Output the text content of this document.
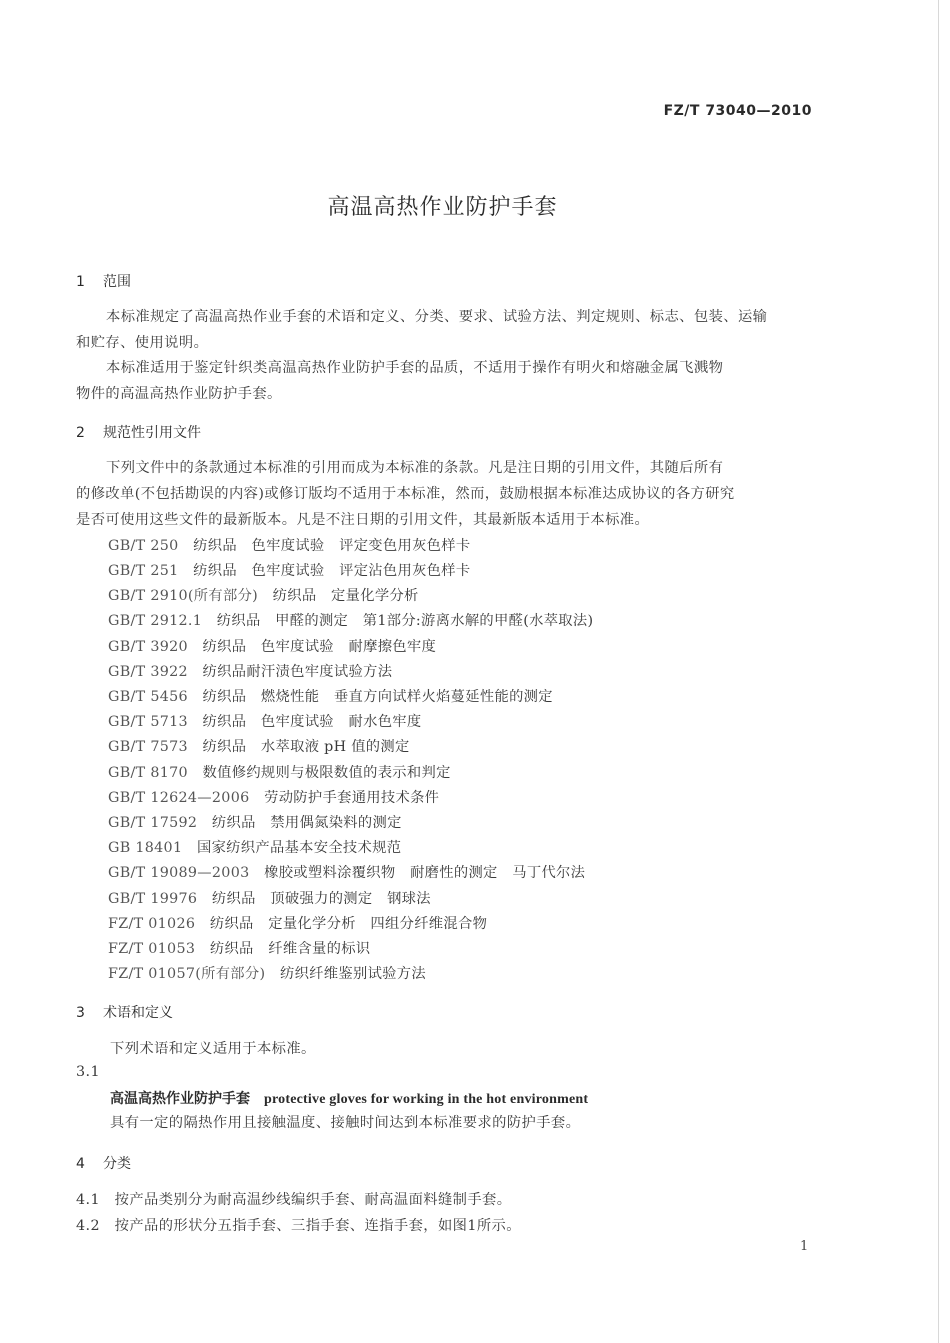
FZ/T 73040—2010
高温高热作业防护手套
1 范围
本标准规定了高温高热作业手套的术语和定义、分类、要求、试验方法、判定规则、标志、包装、运输
和贮存、使用说明。
本标准适用于鉴定针织类高温高热作业防护手套的品质，不适用于操作有明火和熔融金属飞溅物
物件的高温高热作业防护手套。
2 规范性引用文件
下列文件中的条款通过本标准的引用而成为本标准的条款。凡是注日期的引用文件，其随后所有
的修改单(不包括勘误的内容)或修订版均不适用于本标准，然而，鼓励根据本标准达成协议的各方研究
是否可使用这些文件的最新版本。凡是不注日期的引用文件，其最新版本适用于本标准。
GB/T 250　 纺织品　色牢度试验　评定变色用灰色样卡
GB/T 251　 纺织品　色牢度试验　评定沾色用灰色样卡
GB/T 2910(所有部分)　 纺织品　定量化学分析
GB/T 2912.1　 纺织品　甲醛的测定　第1部分:游离水解的甲醛(水萃取法)
GB/T 3920　 纺织品　色牢度试验　耐摩擦色牢度
GB/T 3922　 纺织品耐汗渍色牢度试验方法
GB/T 5456　 纺织品　燃烧性能　垂直方向试样火焰蔓延性能的测定
GB/T 5713　 纺织品　色牢度试验　耐水色牢度
GB/T 7573　 纺织品　水萃取液 pH 值的测定
GB/T 8170　 数值修约规则与极限数值的表示和判定
GB/T 12624—2006　 劳动防护手套通用技术条件
GB/T 17592　 纺织品　禁用偶氮染料的测定
GB 18401　 国家纺织产品基本安全技术规范
GB/T 19089—2003　 橡胶或塑料涂覆织物　耐磨性的测定　马丁代尔法
GB/T 19976　 纺织品　顶破强力的测定　钢球法
FZ/T 01026　 纺织品　定量化学分析　四组分纤维混合物
FZ/T 01053　 纺织品　纤维含量的标识
FZ/T 01057(所有部分)　 纺织纤维鉴别试验方法
3 术语和定义
下列术语和定义适用于本标准。
3.1
高温高热作业防护手套　 protective gloves for working in the hot environment
具有一定的隔热作用且接触温度、接触时间达到本标准要求的防护手套。
4 分类
4.1　 按产品类别分为耐高温纱线编织手套、耐高温面料缝制手套。
4.2　 按产品的形状分五指手套、三指手套、连指手套，如图1所示。
1
